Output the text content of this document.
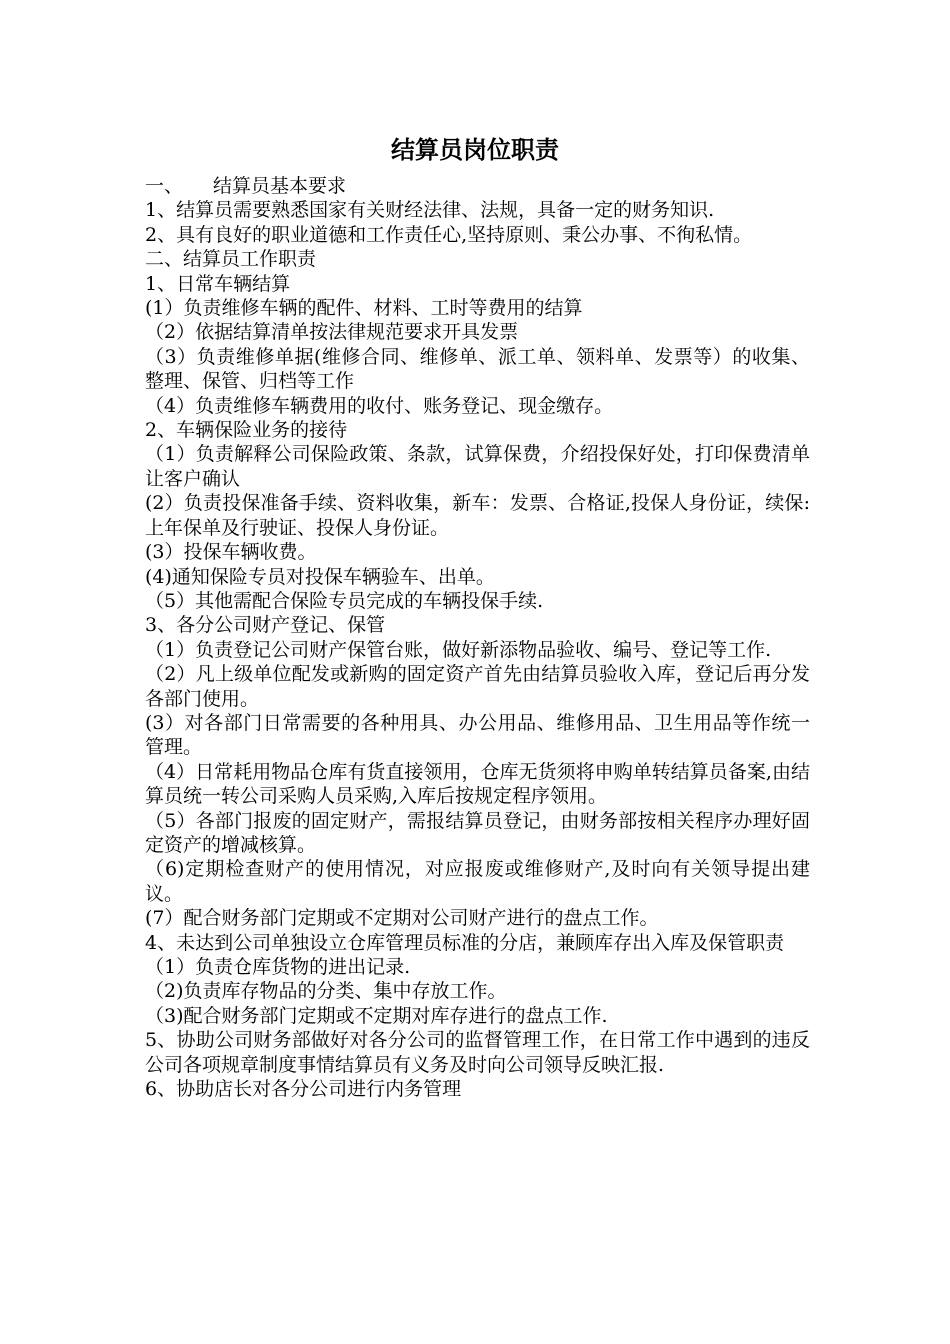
结算员岗位职责

一、 结算员基本要求

1、结算员需要熟悉国家有关财经法律、法规，具备一定的财务知识.

2、具有良好的职业道德和工作责任心,坚持原则、秉公办事、不徇私情。

二、结算员工作职责

1、日常车辆结算

(1）负责维修车辆的配件、材料、工时等费用的结算

（2）依据结算清单按法律规范要求开具发票

（3）负责维修单据(维修合同、维修单、派工单、领料单、发票等）的收集、整理、保管、归档等工作

（4）负责维修车辆费用的收付、账务登记、现金缴存。

2、车辆保险业务的接待

（1）负责解释公司保险政策、条款，试算保费，介绍投保好处，打印保费清单让客户确认

(2）负责投保准备手续、资料收集，新车：发票、合格证,投保人身份证，续保:上年保单及行驶证、投保人身份证。

(3）投保车辆收费。

(4)通知保险专员对投保车辆验车、出单。

（5）其他需配合保险专员完成的车辆投保手续.

3、各分公司财产登记、保管

（1）负责登记公司财产保管台账，做好新添物品验收、编号、登记等工作.

（2）凡上级单位配发或新购的固定资产首先由结算员验收入库，登记后再分发各部门使用。

(3）对各部门日常需要的各种用具、办公用品、维修用品、卫生用品等作统一管理。

（4）日常耗用物品仓库有货直接领用，仓库无货须将申购单转结算员备案,由结算员统一转公司采购人员采购,入库后按规定程序领用。

（5）各部门报废的固定财产，需报结算员登记，由财务部按相关程序办理好固定资产的增减核算。

（6)定期检查财产的使用情况，对应报废或维修财产,及时向有关领导提出建议。

(7）配合财务部门定期或不定期对公司财产进行的盘点工作。

4、未达到公司单独设立仓库管理员标准的分店，兼顾库存出入库及保管职责

（1）负责仓库货物的进出记录.

（2)负责库存物品的分类、集中存放工作。

（3)配合财务部门定期或不定期对库存进行的盘点工作.

5、协助公司财务部做好对各分公司的监督管理工作，在日常工作中遇到的违反公司各项规章制度事情结算员有义务及时向公司领导反映汇报.

6、协助店长对各分公司进行内务管理
